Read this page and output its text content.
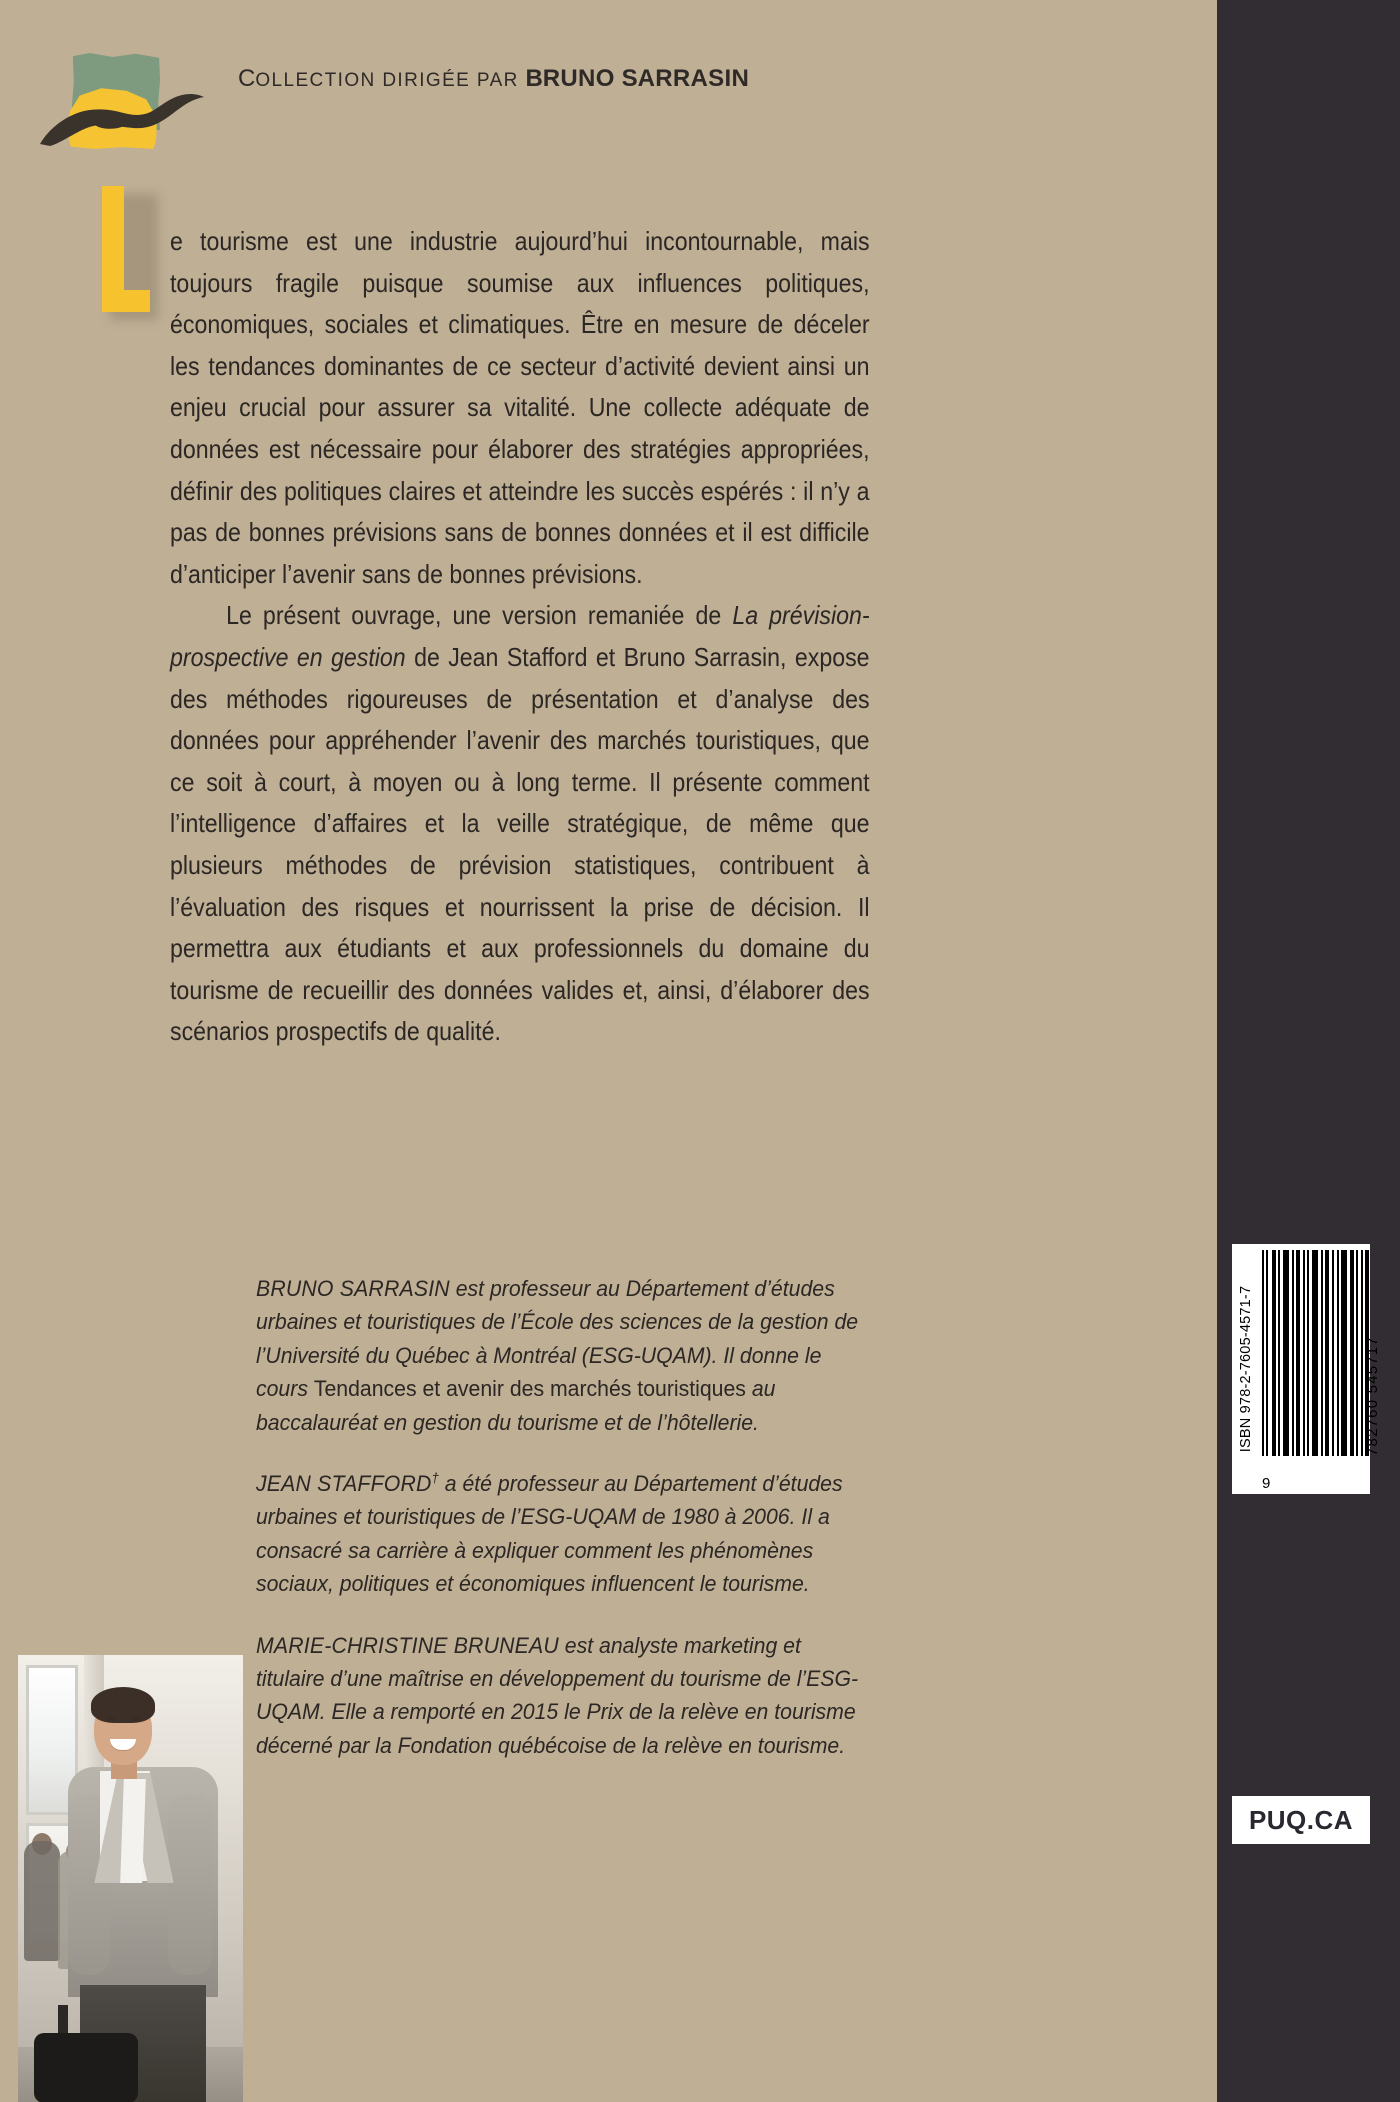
COLLECTION DIRIGÉE PAR BRUNO SARRASIN

e tourisme est une industrie aujourd’hui incontournable, mais toujours fragile puisque soumise aux influences politiques, économiques, sociales et climatiques. Être en mesure de déceler les tendances dominantes de ce secteur d’activité devient ainsi un enjeu crucial pour assurer sa vitalité. Une collecte adéquate de données est nécessaire pour élaborer des stratégies appropriées, définir des politiques claires et atteindre les succès espérés : il n’y a pas de bonnes prévisions sans de bonnes données et il est difficile d’anticiper l’avenir sans de bonnes prévisions.

Le présent ouvrage, une version remaniée de La prévision-prospective en gestion de Jean Stafford et Bruno Sarrasin, expose des méthodes rigoureuses de présentation et d’analyse des données pour appréhender l’avenir des marchés touristiques, que ce soit à court, à moyen ou à long terme. Il présente comment l’intelligence d’affaires et la veille stratégique, de même que plusieurs méthodes de prévision statistiques, contribuent à l’évaluation des risques et nourrissent la prise de décision. Il permettra aux étudiants et aux professionnels du domaine du tourisme de recueillir des données valides et, ainsi, d’élaborer des scénarios prospectifs de qualité.

BRUNO SARRASIN est professeur au Département d’études urbaines et touristiques de l’École des sciences de la gestion de l’Université du Québec à Montréal (ESG-UQAM). Il donne le cours Tendances et avenir des marchés touristiques au baccalauréat en gestion du tourisme et de l’hôtellerie.

JEAN STAFFORD† a été professeur au Département d’études urbaines et touristiques de l’ESG-UQAM de 1980 à 2006. Il a consacré sa carrière à expliquer comment les phénomènes sociaux, politiques et économiques influencent le tourisme.

MARIE-CHRISTINE BRUNEAU est analyste marketing et titulaire d’une maîtrise en développement du tourisme de l’ESG-UQAM. Elle a remporté en 2015 le Prix de la relève en tourisme décerné par la Fondation québécoise de la relève en tourisme.

ISBN 978-2-7605-4571-7	782760 545717
9
PUQ.CA
